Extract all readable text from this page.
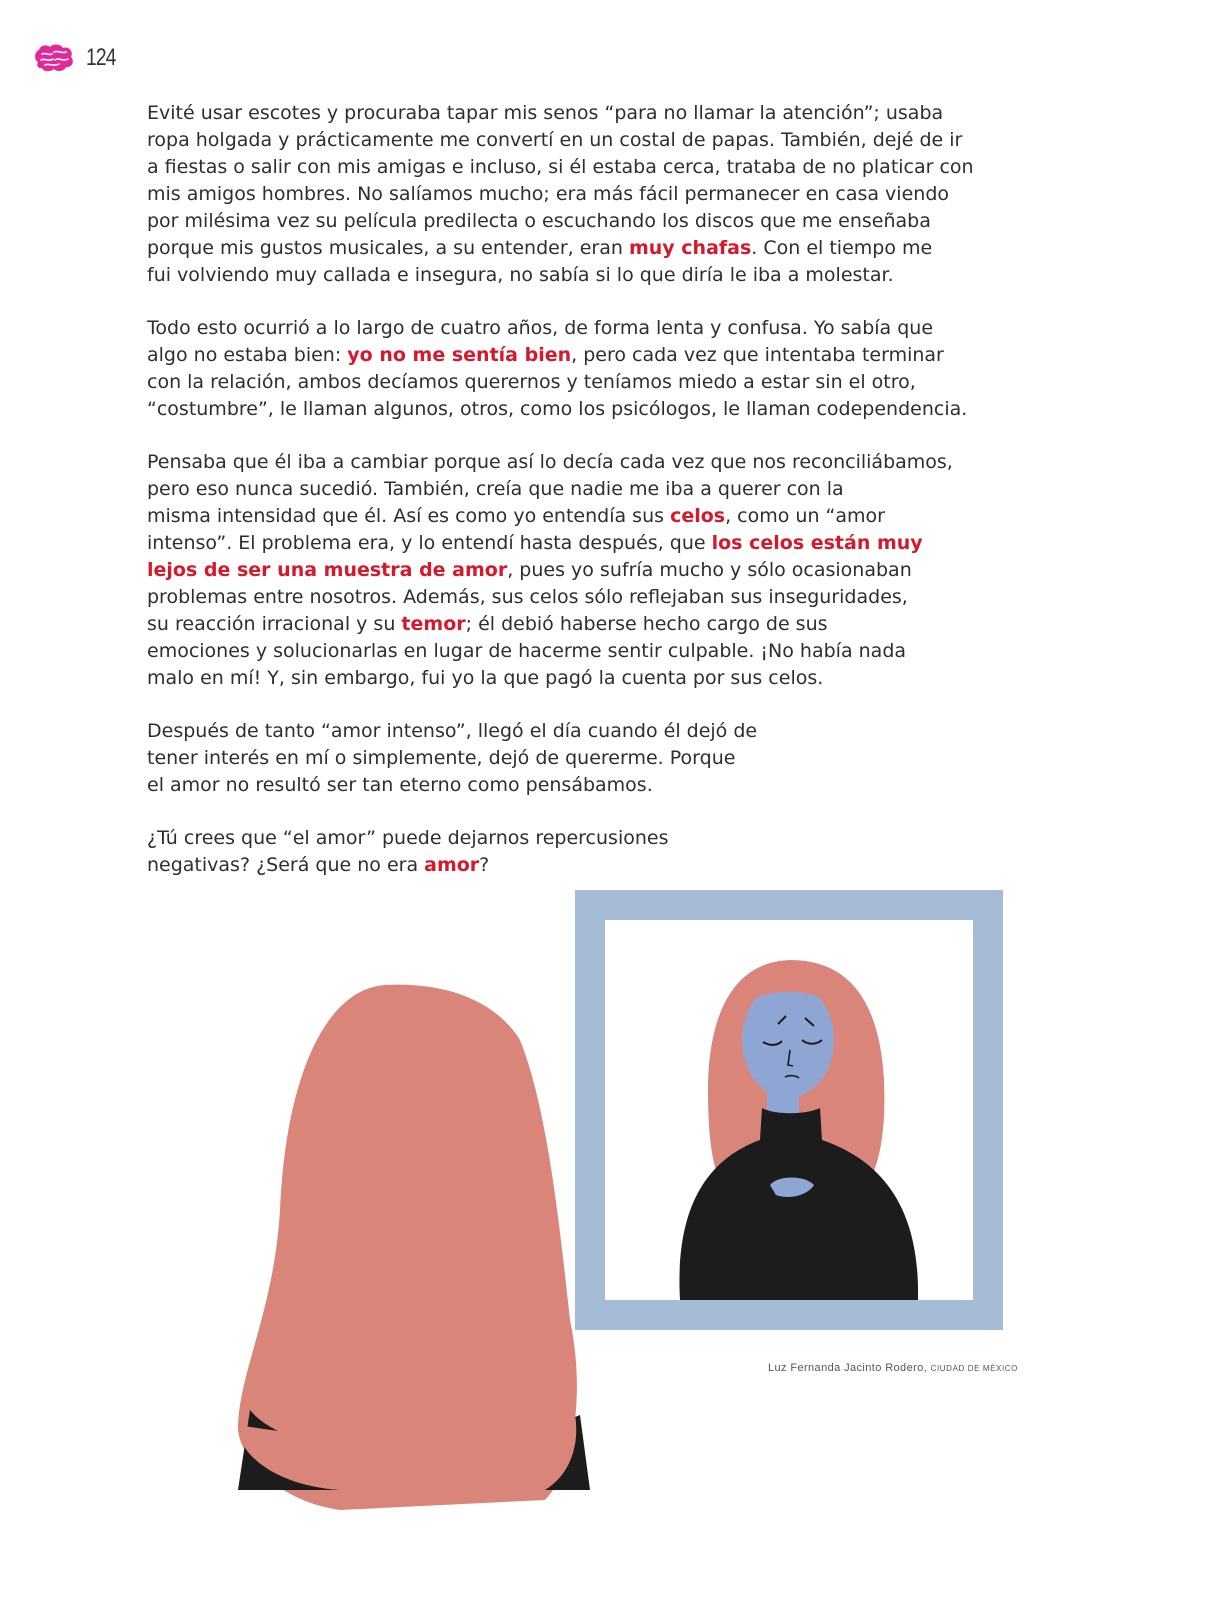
124

Evité usar escotes y procuraba tapar mis senos “para no llamar la atención”; usaba
ropa holgada y prácticamente me convertí en un costal de papas. También, dejé de ir
a fiestas o salir con mis amigas e incluso, si él estaba cerca, trataba de no platicar con
mis amigos hombres. No salíamos mucho; era más fácil permanecer en casa viendo
por milésima vez su película predilecta o escuchando los discos que me enseñaba
porque mis gustos musicales, a su entender, eran muy chafas. Con el tiempo me
fui volviendo muy callada e insegura, no sabía si lo que diría le iba a molestar.

Todo esto ocurrió a lo largo de cuatro años, de forma lenta y confusa. Yo sabía que
algo no estaba bien: yo no me sentía bien, pero cada vez que intentaba terminar
con la relación, ambos decíamos querernos y teníamos miedo a estar sin el otro,
“costumbre”, le llaman algunos, otros, como los psicólogos, le llaman codependencia.

Pensaba que él iba a cambiar porque así lo decía cada vez que nos reconciliábamos,
pero eso nunca sucedió. También, creía que nadie me iba a querer con la
misma intensidad que él. Así es como yo entendía sus celos, como un “amor
intenso”. El problema era, y lo entendí hasta después, que los celos están muy
lejos de ser una muestra de amor, pues yo sufría mucho y sólo ocasionaban
problemas entre nosotros. Además, sus celos sólo reflejaban sus inseguridades,
su reacción irracional y su temor; él debió haberse hecho cargo de sus
emociones y solucionarlas en lugar de hacerme sentir culpable. ¡No había nada
malo en mí! Y, sin embargo, fui yo la que pagó la cuenta por sus celos.

Después de tanto “amor intenso”, llegó el día cuando él dejó de
tener interés en mí o simplemente, dejó de quererme. Porque
el amor no resultó ser tan eterno como pensábamos.

¿Tú crees que “el amor” puede dejarnos repercusiones
negativas? ¿Será que no era amor?

Luz Fernanda Jacinto Rodero, CIUDAD DE MÉXICO
